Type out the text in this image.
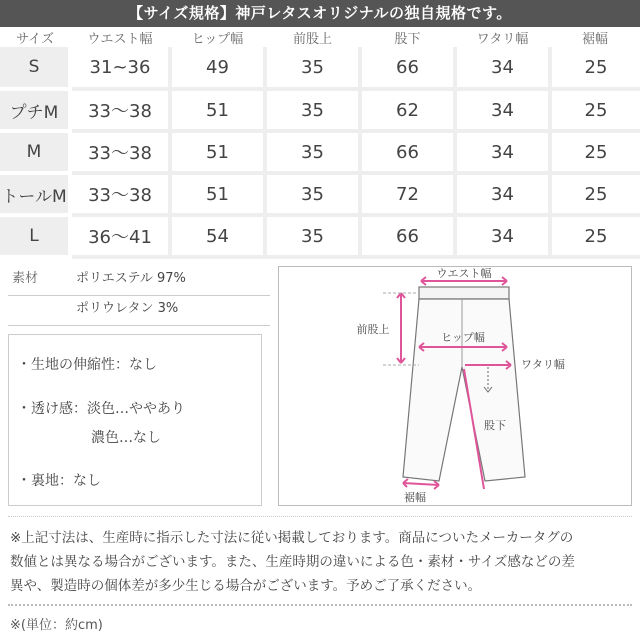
【サイズ規格】神戸レタスオリジナルの独自規格です。
サイズ	ウエスト幅	ヒップ幅	前股上	股下	ワタリ幅	裾幅
S	31~36	49	35	66	34	25
プチM	33〜38	51	35	62	34	25
M	33〜38	51	35	66	34	25
トールM	33〜38	51	35	72	34	25
L	36〜41	54	35	66	34	25
素材	ポリエステル 97%
ポリウレタン 3%
・生地の伸縮性：なし
・透け感：淡色…ややあり
濃色…なし
・裏地：なし
ウエスト幅
前股上
ヒップ幅
ワタリ幅
股下
裾幅
※上記寸法は、生産時に指示した寸法に従い掲載しております。商品についたメーカータグの
数値とは異なる場合がございます。また、生産時期の違いによる色・素材・サイズ感などの差
異や、製造時の個体差が多少生じる場合がございます。予めご了承ください。
※(単位：約cm)
